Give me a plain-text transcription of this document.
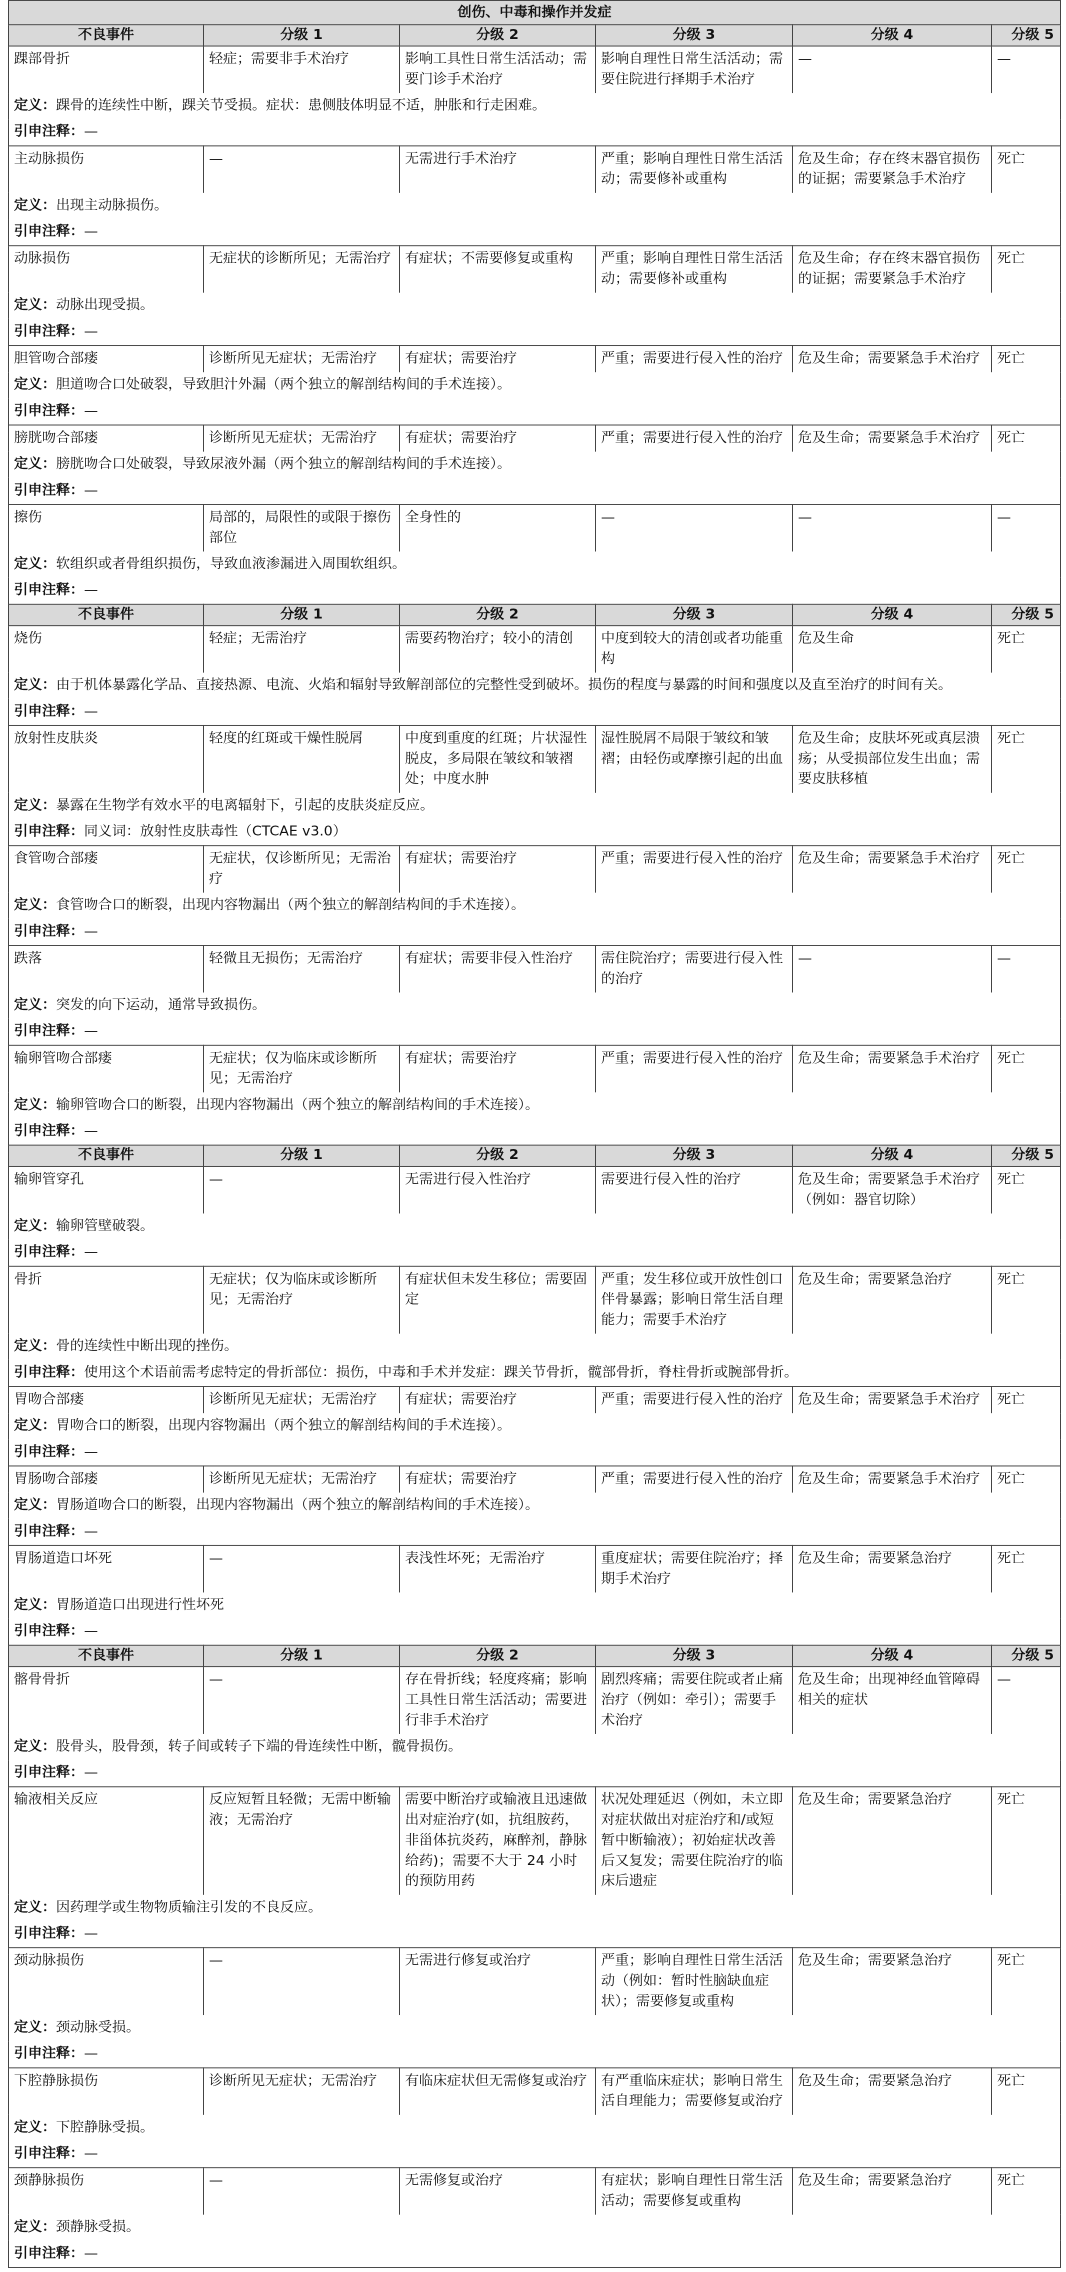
创伤、中毒和操作并发症					
不良事件	分级 1	分级 2	分级 3	分级 4	分级 5
踝部骨折	轻症；需要非手术治疗	影响工具性日常生活活动；需要门诊手术治疗	影响自理性日常生活活动；需要住院进行择期手术治疗	—	—
定义：踝骨的连续性中断，踝关节受损。症状：患侧肢体明显不适，肿胀和行走困难。					
引申注释：—					
主动脉损伤	—	无需进行手术治疗	严重；影响自理性日常生活活动；需要修补或重构	危及生命；存在终末器官损伤的证据；需要紧急手术治疗	死亡
定义：出现主动脉损伤。					
引申注释：—					
动脉损伤	无症状的诊断所见；无需治疗	有症状；不需要修复或重构	严重；影响自理性日常生活活动；需要修补或重构	危及生命；存在终末器官损伤的证据；需要紧急手术治疗	死亡
定义：动脉出现受损。					
引申注释：—					
胆管吻合部瘘	诊断所见无症状；无需治疗	有症状；需要治疗	严重；需要进行侵入性的治疗	危及生命；需要紧急手术治疗	死亡
定义：胆道吻合口处破裂，导致胆汁外漏（两个独立的解剖结构间的手术连接）。					
引申注释：—					
膀胱吻合部瘘	诊断所见无症状；无需治疗	有症状；需要治疗	严重；需要进行侵入性的治疗	危及生命；需要紧急手术治疗	死亡
定义：膀胱吻合口处破裂，导致尿液外漏（两个独立的解剖结构间的手术连接）。					
引申注释：—					
擦伤	局部的，局限性的或限于擦伤部位	全身性的	—	—	—
定义：软组织或者骨组织损伤，导致血液渗漏进入周围软组织。					
引申注释：—					
不良事件	分级 1	分级 2	分级 3	分级 4	分级 5
烧伤	轻症；无需治疗	需要药物治疗；较小的清创	中度到较大的清创或者功能重构	危及生命	死亡
定义：由于机体暴露化学品、直接热源、电流、火焰和辐射导致解剖部位的完整性受到破坏。损伤的程度与暴露的时间和强度以及直至治疗的时间有关。					
引申注释：—					
放射性皮肤炎	轻度的红斑或干燥性脱屑	中度到重度的红斑；片状湿性脱皮，多局限在皱纹和皱褶处；中度水肿	湿性脱屑不局限于皱纹和皱褶；由轻伤或摩擦引起的出血	危及生命；皮肤坏死或真层溃疡；从受损部位发生出血；需要皮肤移植	死亡
定义：暴露在生物学有效水平的电离辐射下，引起的皮肤炎症反应。					
引申注释：同义词：放射性皮肤毒性（CTCAE v3.0）					
食管吻合部瘘	无症状，仅诊断所见；无需治疗	有症状；需要治疗	严重；需要进行侵入性的治疗	危及生命；需要紧急手术治疗	死亡
定义：食管吻合口的断裂，出现内容物漏出（两个独立的解剖结构间的手术连接）。					
引申注释：—					
跌落	轻微且无损伤；无需治疗	有症状；需要非侵入性治疗	需住院治疗；需要进行侵入性的治疗	—	—
定义：突发的向下运动，通常导致损伤。					
引申注释：—					
输卵管吻合部瘘	无症状；仅为临床或诊断所见；无需治疗	有症状；需要治疗	严重；需要进行侵入性的治疗	危及生命；需要紧急手术治疗	死亡
定义：输卵管吻合口的断裂，出现内容物漏出（两个独立的解剖结构间的手术连接）。					
引申注释：—					
不良事件	分级 1	分级 2	分级 3	分级 4	分级 5
输卵管穿孔	—	无需进行侵入性治疗	需要进行侵入性的治疗	危及生命；需要紧急手术治疗（例如：器官切除）	死亡
定义：输卵管壁破裂。					
引申注释：—					
骨折	无症状；仅为临床或诊断所见；无需治疗	有症状但未发生移位；需要固定	严重；发生移位或开放性创口伴骨暴露；影响日常生活自理能力；需要手术治疗	危及生命；需要紧急治疗	死亡
定义：骨的连续性中断出现的挫伤。					
引申注释：使用这个术语前需考虑特定的骨折部位：损伤，中毒和手术并发症：踝关节骨折，髋部骨折，脊柱骨折或腕部骨折。					
胃吻合部瘘	诊断所见无症状；无需治疗	有症状；需要治疗	严重；需要进行侵入性的治疗	危及生命；需要紧急手术治疗	死亡
定义：胃吻合口的断裂，出现内容物漏出（两个独立的解剖结构间的手术连接）。					
引申注释：—					
胃肠吻合部瘘	诊断所见无症状；无需治疗	有症状；需要治疗	严重；需要进行侵入性的治疗	危及生命；需要紧急手术治疗	死亡
定义：胃肠道吻合口的断裂，出现内容物漏出（两个独立的解剖结构间的手术连接）。					
引申注释：—					
胃肠道造口坏死	—	表浅性坏死；无需治疗	重度症状；需要住院治疗；择期手术治疗	危及生命；需要紧急治疗	死亡
定义：胃肠道造口出现进行性坏死					
引申注释：—					
不良事件	分级 1	分级 2	分级 3	分级 4	分级 5
髂骨骨折	—	存在骨折线；轻度疼痛；影响工具性日常生活活动；需要进行非手术治疗	剧烈疼痛；需要住院或者止痛治疗（例如：牵引）；需要手术治疗	危及生命；出现神经血管障碍相关的症状	—
定义：股骨头，股骨颈，转子间或转子下端的骨连续性中断，髋骨损伤。					
引申注释：—					
输液相关反应	反应短暂且轻微；无需中断输液；无需治疗	需要中断治疗或输液且迅速做出对症治疗(如，抗组胺药，非甾体抗炎药，麻醉剂，静脉给药)；需要不大于 24 小时的预防用药	状况处理延迟（例如，未立即对症状做出对症治疗和/或短暂中断输液）；初始症状改善后又复发；需要住院治疗的临床后遗症	危及生命；需要紧急治疗	死亡
定义：因药理学或生物物质输注引发的不良反应。					
引申注释：—					
颈动脉损伤	—	无需进行修复或治疗	严重；影响自理性日常生活活动（例如：暂时性脑缺血症状）；需要修复或重构	危及生命；需要紧急治疗	死亡
定义：颈动脉受损。					
引申注释：—					
下腔静脉损伤	诊断所见无症状；无需治疗	有临床症状但无需修复或治疗	有严重临床症状；影响日常生活自理能力；需要修复或治疗	危及生命；需要紧急治疗	死亡
定义：下腔静脉受损。					
引申注释：—					
颈静脉损伤	—	无需修复或治疗	有症状；影响自理性日常生活活动；需要修复或重构	危及生命；需要紧急治疗	死亡
定义：颈静脉受损。					
引申注释：—					
